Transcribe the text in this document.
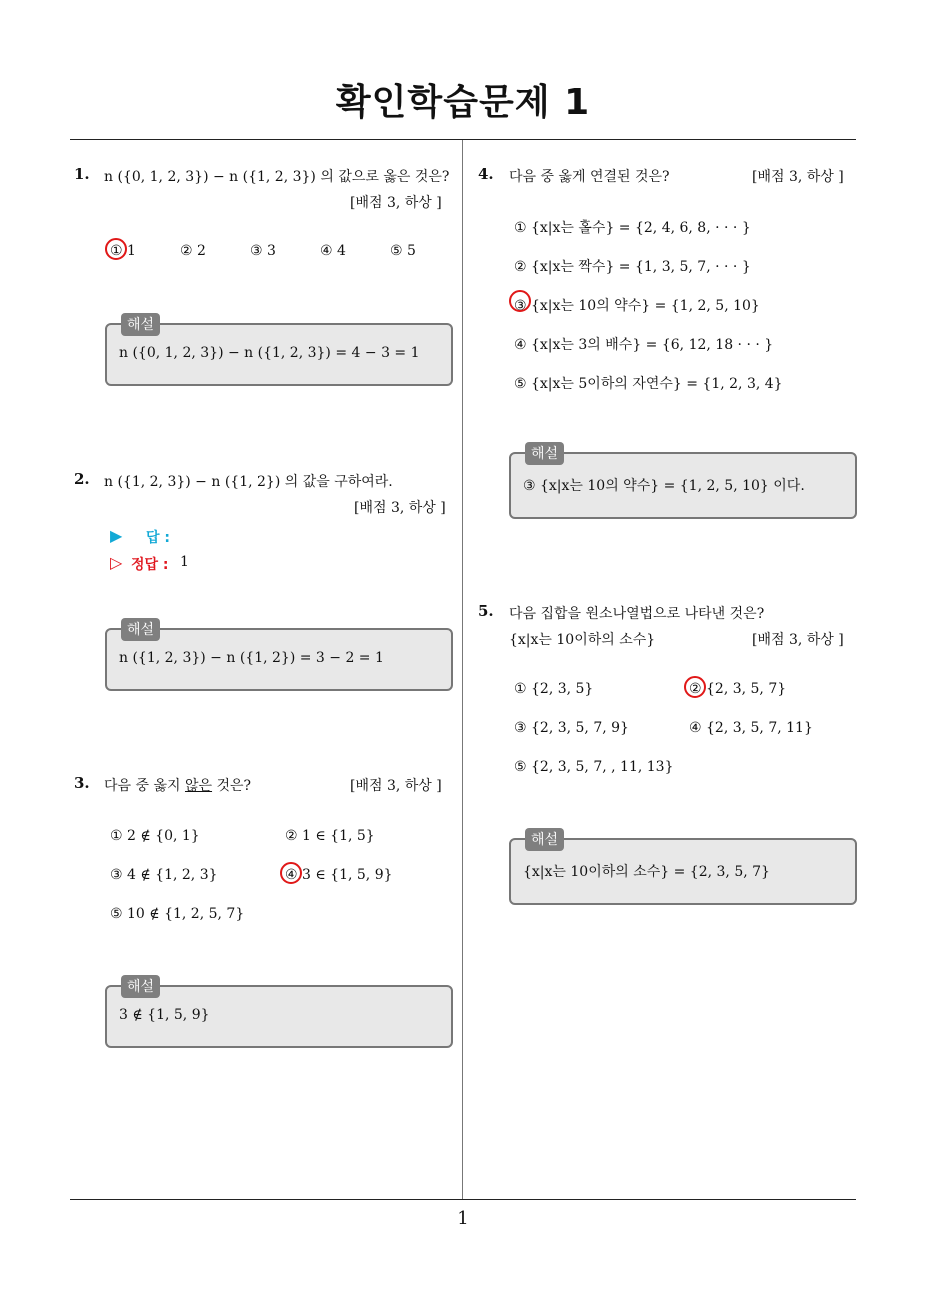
확인학습문제 1
1. n ({0, 1, 2, 3}) − n ({1, 2, 3}) 의 값으로 옳은 것은?
[배점 3, 하상 ]
① 1	② 2	③ 3	④ 4	⑤ 5
해설
n ({0, 1, 2, 3}) − n ({1, 2, 3}) = 4 − 3 = 1
2. n ({1, 2, 3}) − n ({1, 2}) 의 값을 구하여라.
[배점 3, 하상 ]
▶ 답 :
▷ 정답 : 1
해설
n ({1, 2, 3}) − n ({1, 2}) = 3 − 2 = 1
3. 다음 중 옳지 않은 것은?	[배점 3, 하상 ]
① 2 ∉ {0, 1}	② 1 ∈ {1, 5}
③ 4 ∉ {1, 2, 3}	④ 3 ∈ {1, 5, 9}
⑤ 10 ∉ {1, 2, 5, 7}
해설
3 ∉ {1, 5, 9}
4. 다음 중 옳게 연결된 것은?	[배점 3, 하상 ]
① {x|x는 홀수} = {2, 4, 6, 8, · · · }
② {x|x는 짝수} = {1, 3, 5, 7, · · · }
③ {x|x는 10의 약수} = {1, 2, 5, 10}
④ {x|x는 3의 배수} = {6, 12, 18 · · · }
⑤ {x|x는 5이하의 자연수} = {1, 2, 3, 4}
해설
③ {x|x는 10의 약수} = {1, 2, 5, 10} 이다.
5. 다음 집합을 원소나열법으로 나타낸 것은?
{x|x는 10이하의 소수}	[배점 3, 하상 ]
① {2, 3, 5}	② {2, 3, 5, 7}
③ {2, 3, 5, 7, 9}	④ {2, 3, 5, 7, 11}
⑤ {2, 3, 5, 7, , 11, 13}
해설
{x|x는 10이하의 소수} = {2, 3, 5, 7}
1
